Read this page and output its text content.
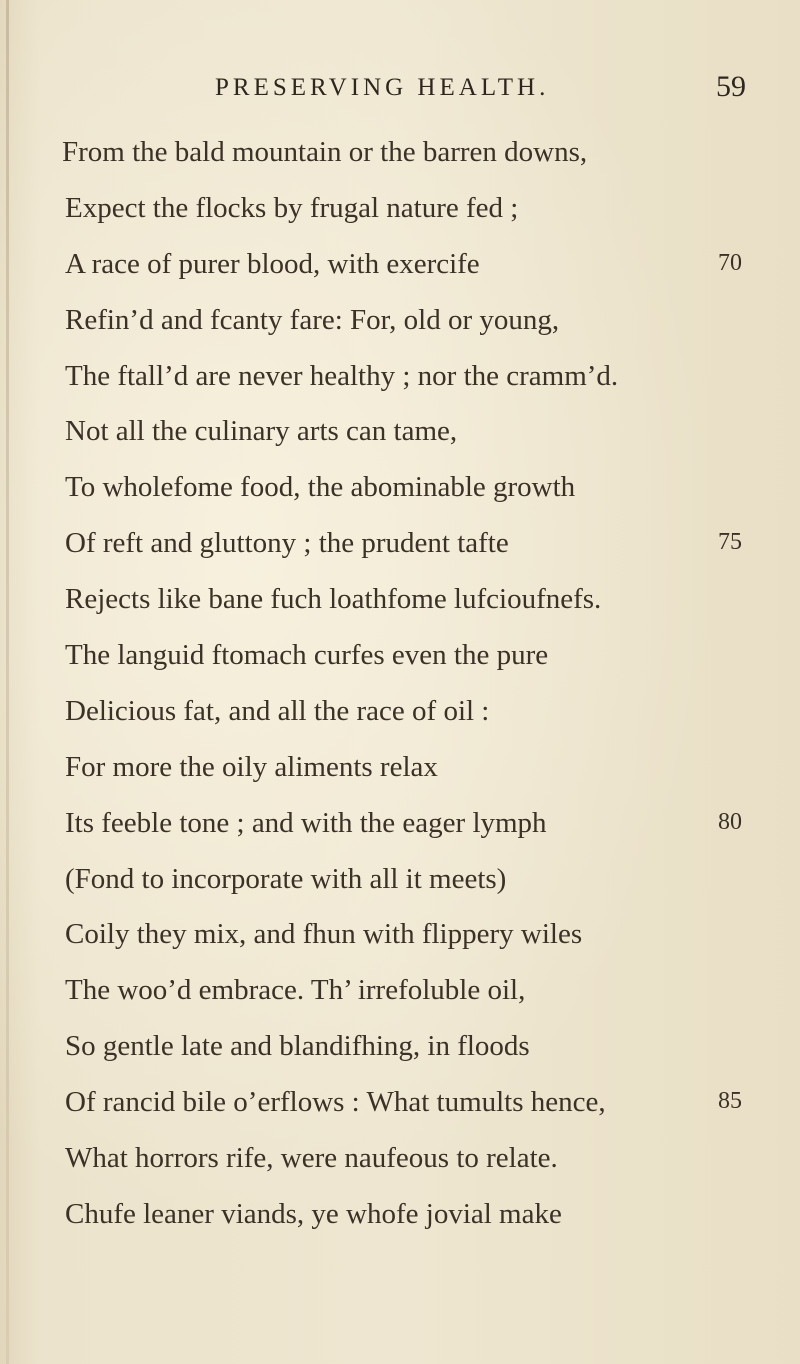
PRESERVING HEALTH.	59
From the bald mountain or the barren downs,
Expect the flocks by frugal nature fed ;
A race of purer blood, with exercife	70
Refin’d and fcanty fare: For, old or young,
The ftall’d are never healthy ; nor the cramm’d.
Not all the culinary arts can tame,
To wholefome food, the abominable growth
Of reft and gluttony ; the prudent tafte	75
Rejects like bane fuch loathfome lufcioufnefs.
The languid ftomach curfes even the pure
Delicious fat, and all the race of oil :
For more the oily aliments relax
Its feeble tone ; and with the eager lymph	80
(Fond to incorporate with all it meets)
Coily they mix, and fhun with flippery wiles
The woo’d embrace. Th’ irrefoluble oil,
So gentle late and blandifhing, in floods
Of rancid bile o’erflows : What tumults hence,	85
What horrors rife, were naufeous to relate.
Chufe leaner viands, ye whofe jovial make
